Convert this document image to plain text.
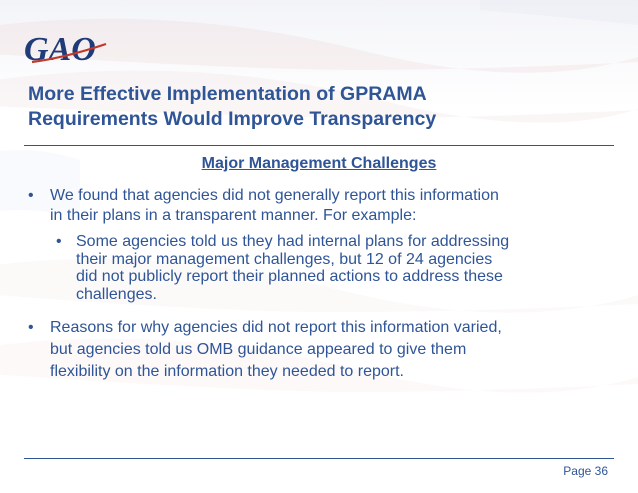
GAO
More Effective Implementation of GPRAMA
Requirements Would Improve Transparency
Major Management Challenges
• We found that agencies did not generally report this information
in their plans in a transparent manner. For example:
• Some agencies told us they had internal plans for addressing
their major management challenges, but 12 of 24 agencies
did not publicly report their planned actions to address these
challenges.
• Reasons for why agencies did not report this information varied,
but agencies told us OMB guidance appeared to give them
flexibility on the information they needed to report.
Page 36
